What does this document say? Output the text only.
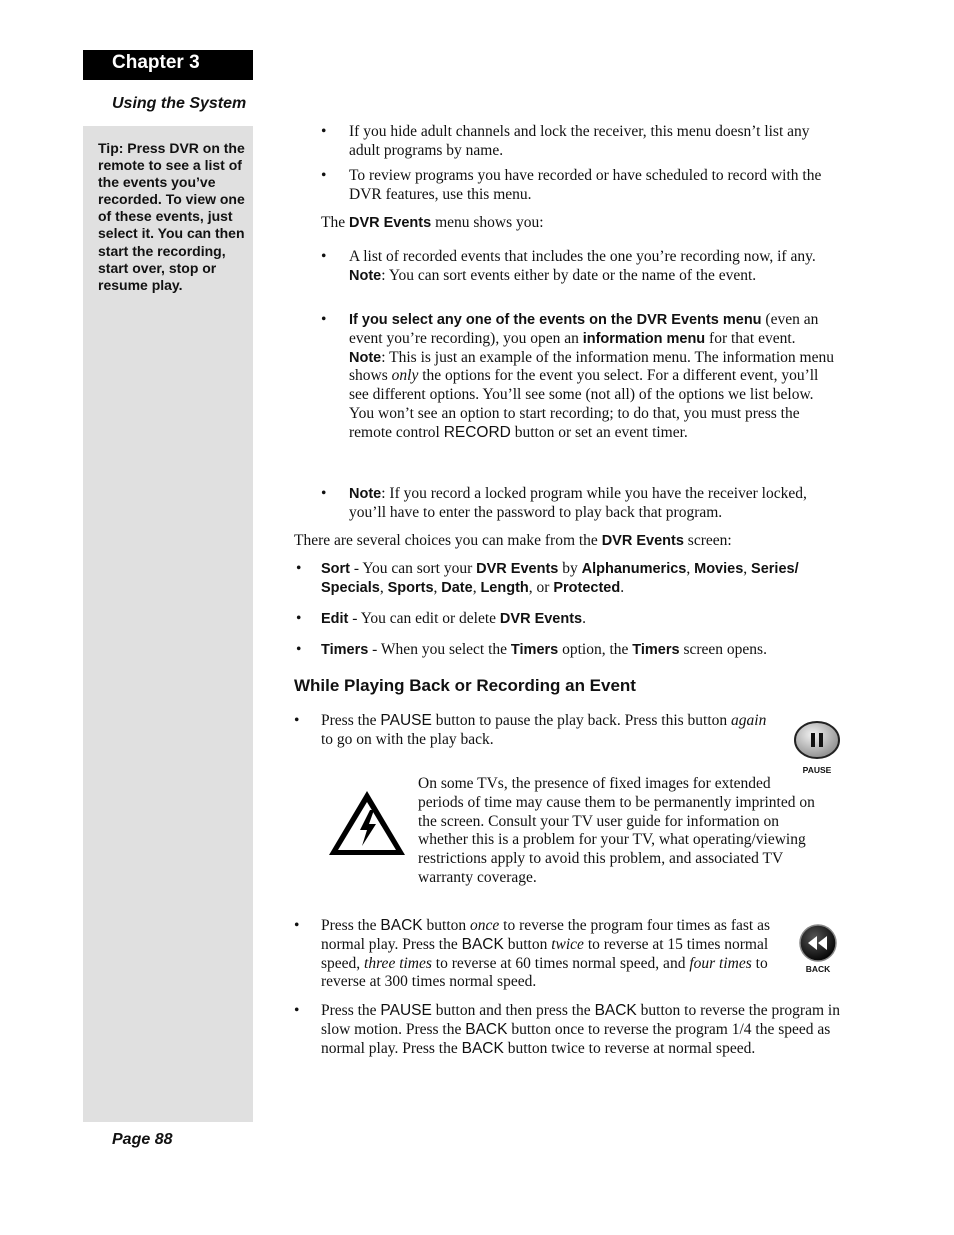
Chapter 3
Using the System

Tip: Press DVR on the remote to see a list of the events you’ve recorded. To view one of these events, just select it. You can then start the recording, start over, stop or resume play.

• If you hide adult channels and lock the receiver, this menu doesn’t list any adult programs by name.

• To review programs you have recorded or have scheduled to record with the DVR features, use this menu.

The DVR Events menu shows you:

• A list of recorded events that includes the one you’re recording now, if any.
Note: You can sort events either by date or the name of the event.
• If you select any one of the events on the DVR Events menu (even an event you’re recording), you open an information menu for that event.
Note: This is just an example of the information menu. The information menu shows only the options for the event you select. For a different event, you’ll see different options. You’ll see some (not all) of the options we list below. You won’t see an option to start recording; to do that, you must press the remote control RECORD button or set an event timer.
• Note: If you record a locked program while you have the receiver locked, you’ll have to enter the password to play back that program.

There are several choices you can make from the DVR Events screen:

• Sort - You can sort your DVR Events by Alphanumerics, Movies, Series/ Specials, Sports, Date, Length, or Protected.
• Edit - You can edit or delete DVR Events.
• Timers - When you select the Timers option, the Timers screen opens.
While Playing Back or Recording an Event
• Press the PAUSE button to pause the play back. Press this button again to go on with the play back.
PAUSE

On some TVs, the presence of fixed images for extended periods of time may cause them to be permanently imprinted on the screen. Consult your TV user guide for information on whether this is a problem for your TV, what operating/viewing restrictions apply to avoid this problem, and associated TV warranty coverage.

• Press the BACK button once to reverse the program four times as fast as normal play. Press the BACK button twice to reverse at 15 times normal speed, three times to reverse at 60 times normal speed, and four times to reverse at 300 times normal speed.
BACK
• Press the PAUSE button and then press the BACK button to reverse the program in slow motion. Press the BACK button once to reverse the program 1/4 the speed as normal play. Press the BACK button twice to reverse at normal speed.
Page 88
